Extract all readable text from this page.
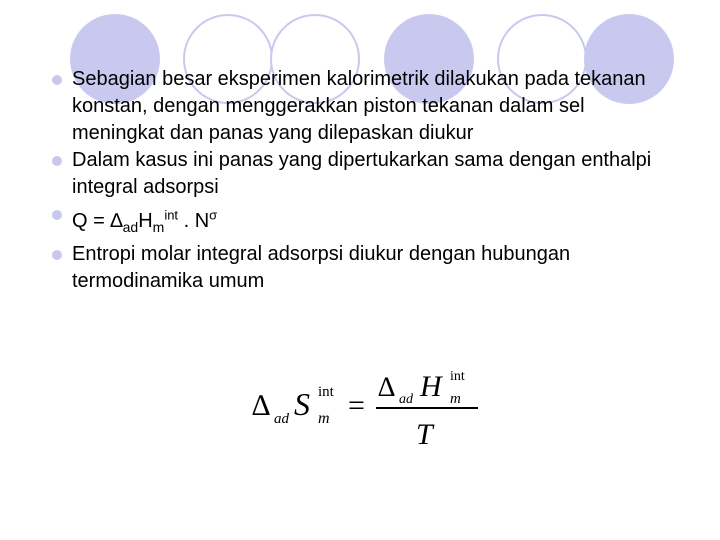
Sebagian besar eksperimen kalorimetrik dilakukan pada tekanan konstan, dengan menggerakkan piston tekanan dalam sel meningkat dan panas yang dilepaskan diukur
Dalam kasus ini panas yang dipertukarkan sama dengan enthalpi integral adsorpsi
$Q = \Delta_{ad}H_m^{int}$ . $N^\sigma$
Entropi molar integral adsorpsi diukur dengan hubungan termodinamika umum
∆ ad S int
m =
∆ ad H int
m
T
